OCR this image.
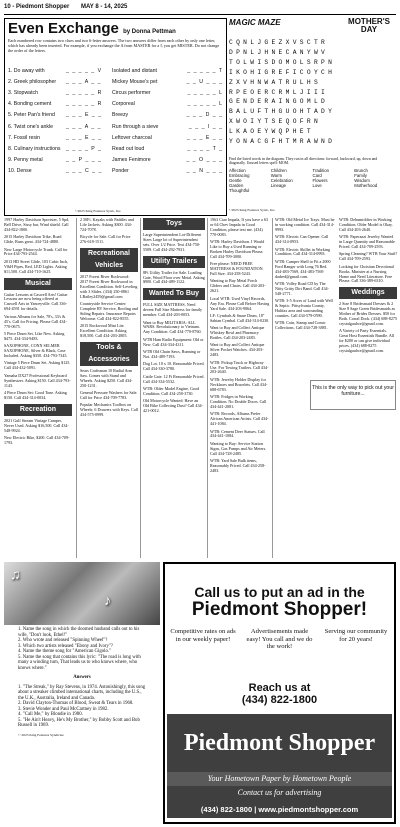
10 - Piedmont Shopper MAY 8 - 14, 2025
Even Exchange by Donna Pettman
Each numbered row contains two clues and two 6-letter answers. The two answers differ from each other by only one letter, which has already been inserted. For example, if you exchange the A from MASTER for a I, you get MISTER. Do not change the order of the letters.
1. Do away with	_ _ _ _ _ V	Isolated and distant	_ _ _ _ _ T
2. Greek philosopher	_ _ _ A _ _	Mickey Mouse's pet	_ _ U _ _ _
3. Stopwatch	_ _ _ _ _ R	Circus performer	_ _ _ _ _ L
4. Bonding cement	_ _ _ _ _ R	Corporeal	_ _ _ _ _ L
5. Peter Pan's friend	_ _ _ E _ _	Breezy	_ _ _ D _ _
6. Twist one's ankle	_ _ _ A _ _	Run through a sieve	_ _ _ I _ _
7. Fossil resin	_ _ _ E _ _	Leftover charcoal	_ _ _ E _ _
8. Culinary instructions	_ _ _ _ P _	Read out loud	_ _ _ _ T _
9. Penny metal	_ _ P _ _ _	James Fenimore	_ _ O _ _ _
10. Dense	_ _ _ C _ _	Ponder	_ _ N _ _ _
©2025 King Features Synd., Inc.
MAGIC MAZE	MOTHER'S DAY
CQNLJGEZXVSCTR
DPNLJHNECANYWV
TOLWISDOMOLSRPN
IKOHIGREFICOYCH
ZXVHNWATRULHS
RPEOERCRMLJIII
GENDERAINGOMLD
BALUFTHGUOHTADY
XWOIYTSEQOFRN
LKAOEYWQPHET
YONACGFHTMRAWND
Find the listed words in the diagram. They run in all directions: forward, backward, up, down and diagonally. Unused letters spell: MOM.
Affection	Children	Tradition	Brunch
Embracing	Warm	Card	Family
Gentle	Celebration	Flowers	Wisdom
Garden	Lineage	Love	Motherhood
Thoughtful
©2025 King Features Synd., Inc.

1997 Harley Davidson Sportster, 5 Spd, Bell Drive, Sissy bar, Wind shield. Call 434-822-1800.

2015 Harley Davidson Trike, Road Glide, Runs great. 434-724-4880.

New Large Motorcycle Trunk. Call for Price 434-793-2544.

2013 HD Street Glide, 103 Cubic Inch, V&H Pipes, Red, LED Lights. Asking $11,500. Call 434-710-1625.

Musical

Guitar Lessons at Caswell Arts! Guitar Lessons are now being offered at Caswell Arts in Yanceyville. Call 336-694-4591 for details.

Various Albums for Sale, 78's, 33's & 45's. Call for Pricing. Please Call 434-770-0675.

5 Piece Drum Set, Like New. Asking $475. 434-334-9483.

SAXOPHONE, CONN SELMER SAXOPHONE, Silver & Black, Case Included. Asking $350. 434-793-7345.

Vintage 5 Piece Drum Set. Asking $125. Call 434-432-5091.

Yamaha DX27 Professional Keyboard Synthesizer. Asking $150. Call 434-793-1143.

4 Piece Drum Set: Good Tone. Asking $150. Call 434-314-0034.

Recreation

2021 Gulf Stream Vintage Camper, Never Used. Asking $16,500. Call 434-548-9924.

New Electric Bike, $200. Call 434-709-1793.

2 50Ft. Kayaks with Paddles and Life Jackets. Asking $300. 434-724-7078.

Bicycle for Sale. Call for Price 276-618-1511.

Recreational Vehicles

2017 Forest River Rockwood: 2017 Forest River Rockwood in Excellent Condition. Self-Leveling with 3 Slides. (434) 250-0861 LBailey2459@gmail.com

Countryside Service Center: Complete RV Service, Roofing and Siding Repairs. Insurance Repairs Welcome. Call 434-822-8555.

2015 Rockwood Mini Lite. Excellent Condition. Asking $18,500. Call 434-203-2805.

Tools & Accessories

Sears Craftsman 10 Radial Arm Saw. Comes with Stand and Wheels. Asking $250. Call 434-250-1231.

General Pressure Washers for Sale. Call for Price 434-709-7783.

Popular Mechanics Toolbox on Wheels: 6 Drawers with Keys. Call 434-575-0999.

Toys

Large Superintendent Lot-Different Sizes Large lot of Superintendent sets. Over 1/2 Price. Text 434-750-5509. Call 434-292-7931.

Utility Trailers

8Ft Utility Trailer for Sale. Loading Gate, Wood Floor over Metal. Asking $900. Call 434-489-1122.

Wanted To Buy

FULL SIZE MATTRESS, Need decent Full Size Mattress for family member. Call 434-203-0053.

Want to Buy MILITARIA: ALL WARS. Revolutionary to Vietnam. Any Condition. Call 434-770-8760.

WTB Ham Radio Equipment: Old or New. Call 434-334-4311.

WTB Old Chain Saws, Running or Not. 434-489-7193.

Dog Lot. 10 x 10. Reasonable Priced. Call 434-330-3780.

Cattle Gate. 12 Ft Reasonable Priced. Call 434-334-5532.

WTB: Older Model Engine, Good Condition. Call 434-250-3730.

Old Motorcycle Wanted: Have an Old Bike Collecting Dust? Call 434-421-0012.

1963 Ciao Impala, If you have a 63 or 64 Chev Impala in Good Condition, please text me. (434) 770-0083.

WTB: Harley Davidson. I Would Like to Buy a Used Running or Broken Harley Davidson Please. Call 434-709-3000.

Free please: NEED FREE MATTRESS & FOUNDATION. Full Size. 434-258-5243.

Wanting to Buy Metal Porch Gliders and Chairs. Call 434-203-2621.

Local WTB: Used Vinyl Records, Any Era. Please Call Before Having Yard Sale. 434-203-9064.

LF: Cymbals & Snare Drum, 18" Sabian Cymbal. Call 434-314-0230.

Want to Buy and Collect Antique Whiskey Bowl and Pharmacy Bottles. Call 434-203-2483.

Want to Buy and Collect Antique Silver Pocket Watches. 434-203-2483.

WTB: Pickup Truck or Highway Use. For Towing Trailers. Call 434-203-2640.

WTB: Jewelry Holder Display for Necklaces and Bracelets. Call 434-688-6783.

WTB: Fridges in Working Condition. No Double Doors. Call 434-441-2081.

WTB: Records, Albums Prefer African American Artists. Call 434-441-1084.

WTB: Cement Deer Statues. Call 434-441-1084.

Wanting to Buy: Service Station Signs, Gas Pumps and Air Meters. Call 434-728-2485.

WTB: Yard Sale Bulk items, Reasonably Priced. Call 434-258-2483.

WTB: Old Metal Ice Trays. Must be in working condition. Call 434-314-9993.

WTB: Electric Can Opener. Call 434-314-0953.

WTB: Electric Skillet in Working Condition. Call 434-314-0993.

WTB: Camper Shell to Fit a 2000 Ford Ranger with Long 76 Bed. 434-483-7569, 434-483-7569 dadred@gmail.com.

WTB: Volley Road CD by The Nitty Gritty Dirt Band. Call 434-548-2771.

WTB: 3-5 Acres of Land with Well & Septic. Pittsylvania County, Halifax area and surrounding counties. Call 434-579-0590.

WTB: Coin, Stamp and Comic Collections. Call 434-728-3881.

WTB: Dehumidifier in Working Condition. Older Model is Okay. Call 434-203-2640.

WTB: Paperazzi Jewelry Wanted in Large Quantity and Reasonable Priced. Call 434-709-2593.

Spring Cleaning? WTB Your Stuff! Call 434-709-2593.

Looking for Christian Devotional Books. Minister at a Nursing Home and Need Literature. Free Please. Call 336-389-6310.

Weddings

2 Size 8 Bridesmaid Dresses & 2 Size 8 Sage Green Bridesmaids as Mother of Brides Dresses. $50 for Both. Corral Dock. (434) 688-8275 crystalgaulwe@gmail.com.

A Variety of Party Essentials. Great Host Essentials Bundle. All for $200 or can give individual prices. (434) 688-8275 crystalgaulwe@gmail.com.

This is the only way to pick out your furniture...
♫
♪

1. Name the song in which the doomed husband calls out to his wife, "Don't look, Ethel!"

2. Who wrote and released "Spinning Wheel"?

3. Which two artists released "Ebony and Ivory"?

4. Name the theme song for "American Gigolo."

5. Name the song that contains this lyric: "The road is long with many a winding turn, That leads us to who knows where, who knows where."

Answers

1. "The Streak," by Ray Stevens, in 1974. Astonishingly, this song about a streaker climbed international charts, including the U.S., the U.K., Australia, Ireland and Canada.

2. David Clayton-Thomas of Blood, Sweat & Tears in 1968.

3. Stevie Wonder and Paul McCartney in 1982.

4. "Call Me," by Blondie in 1980.

5. "He Ain't Heavy, He's My Brother," by Bobby Scott and Bob Russell in 1969.

© 2025 King Features Syndicate
Call us to put an ad in the
Piedmont Shopper!
Competitive rates on ads in our weekly paper!
Advertisements made easy! You call and we do the work!
Serving our community for 20 years!
Reach us at
(434) 822-1800
Piedmont Shopper
Your Hometown Paper by Hometown People
Contact us for advertising
(434) 822-1800 | www.piedmontshopper.com
